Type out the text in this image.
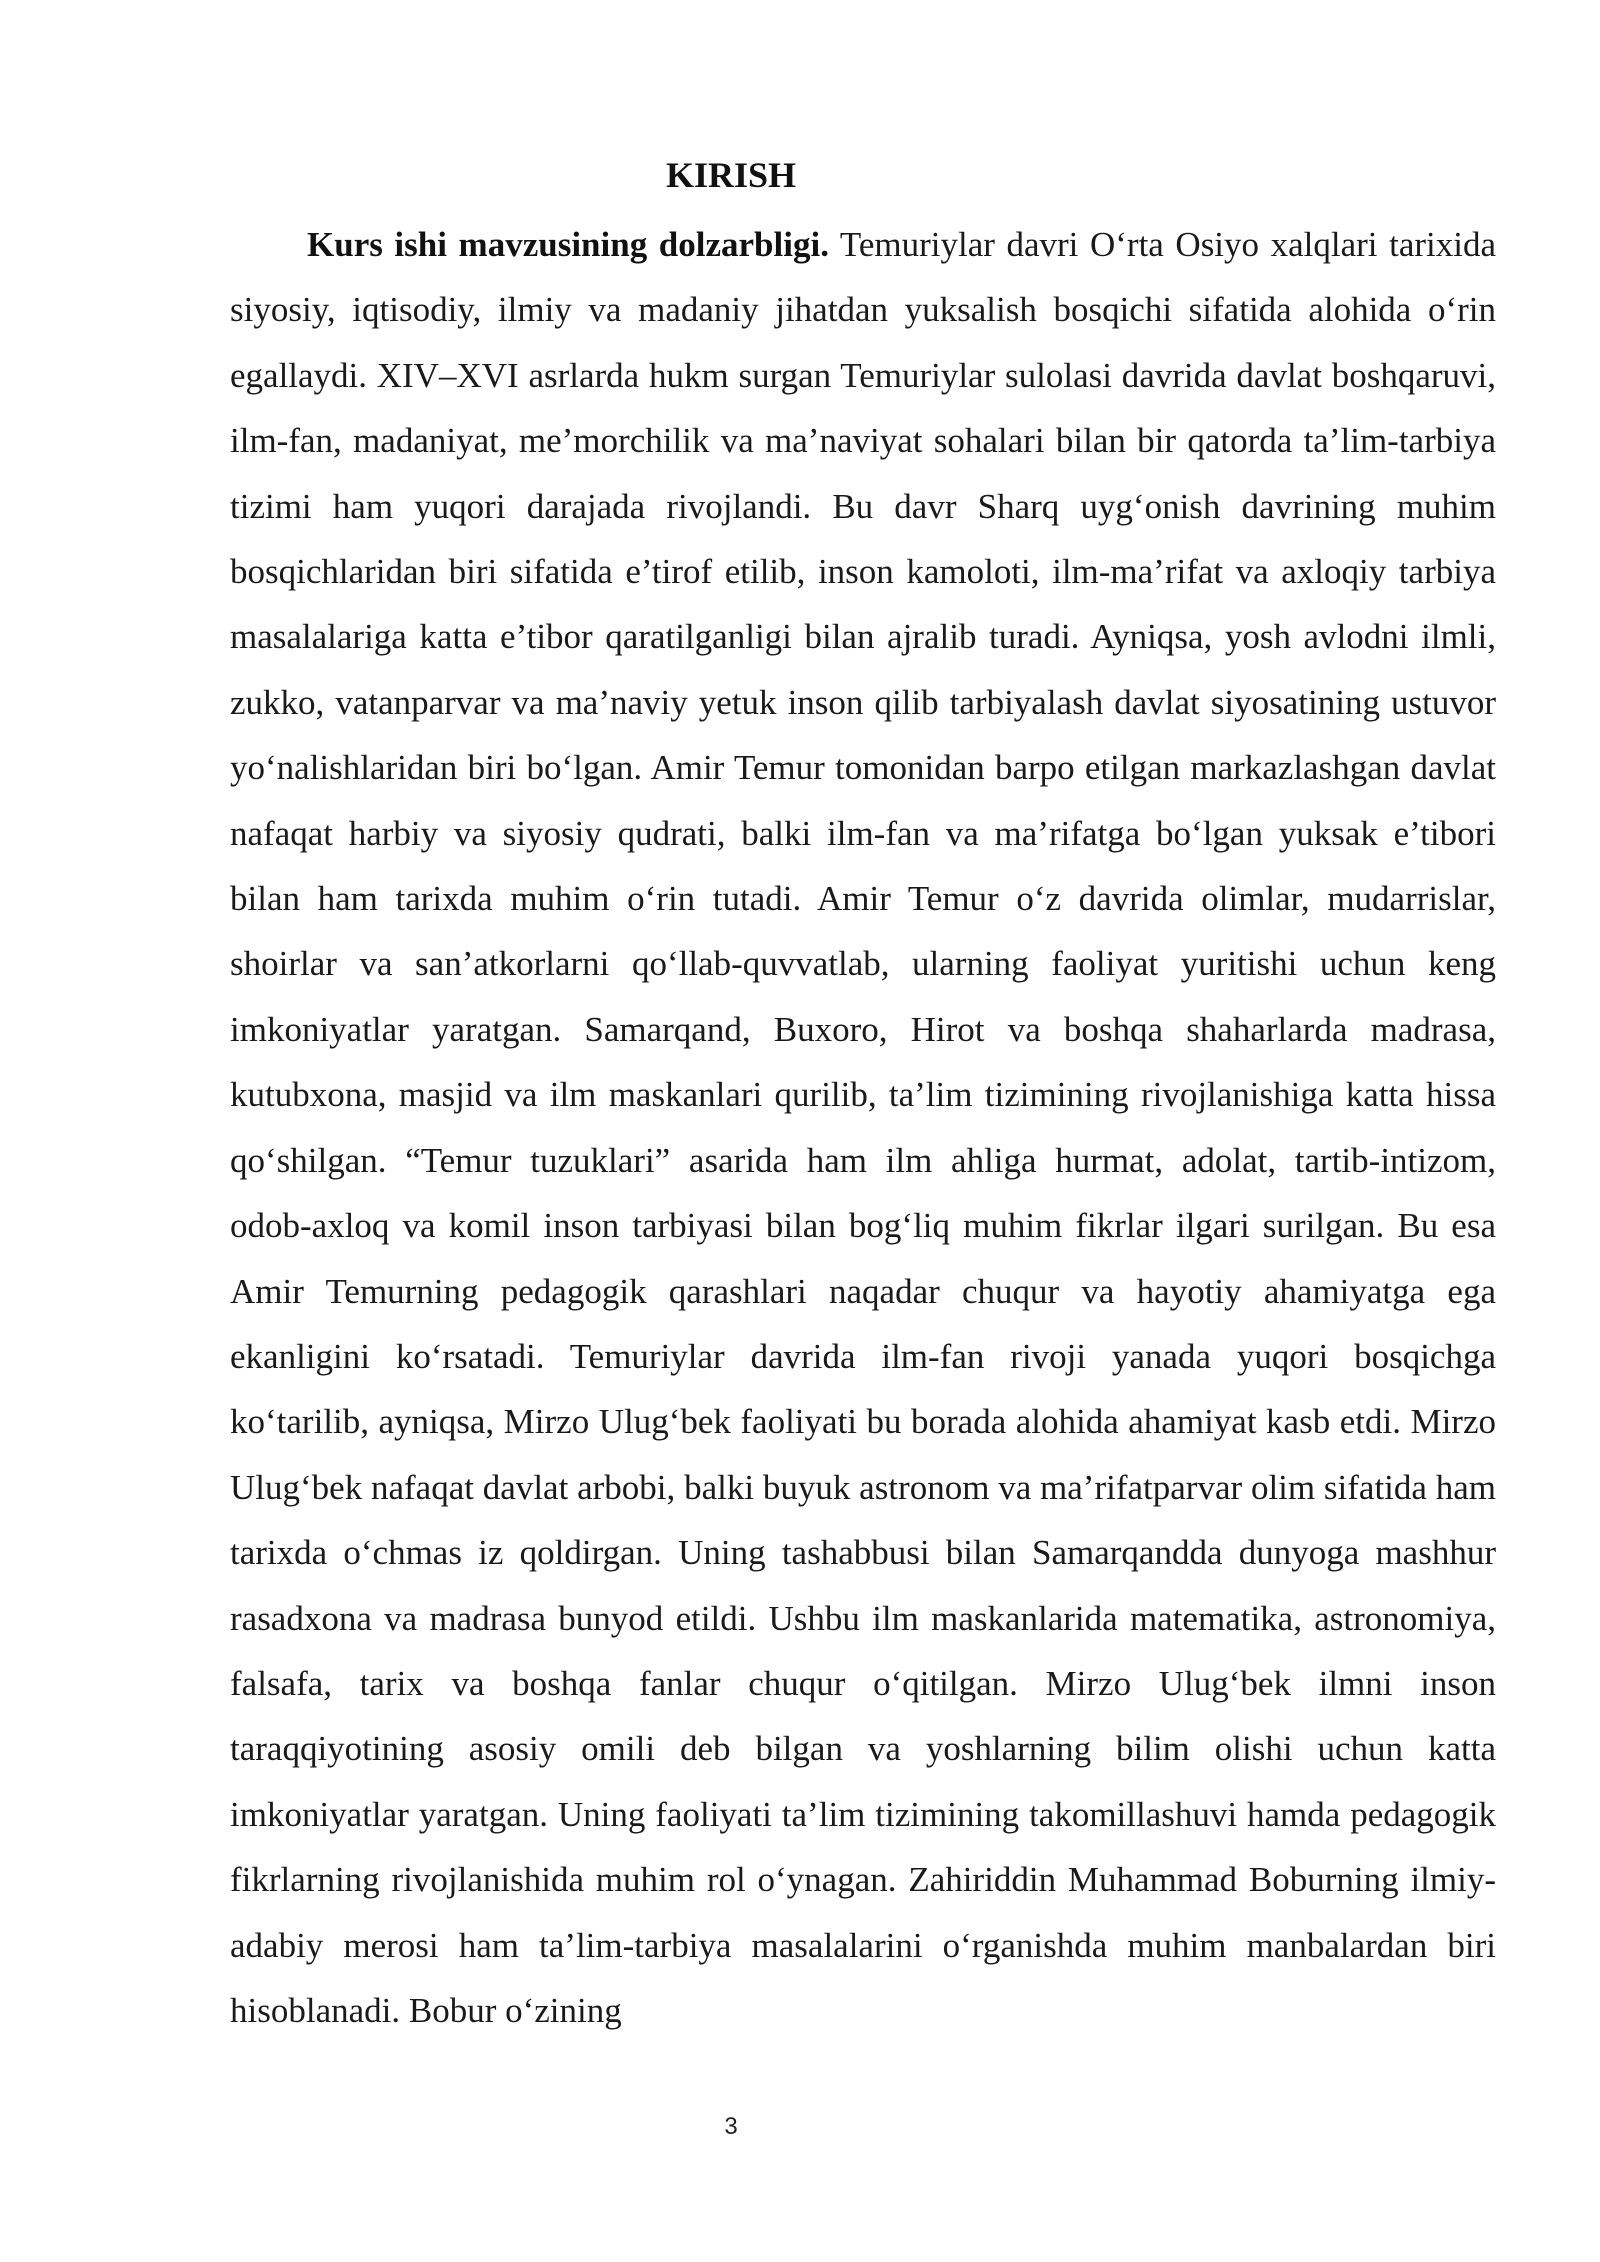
KIRISH

Kurs ishi mavzusining dolzarbligi. Temuriylar davri O‘rta Osiyo xalqlari tarixida siyosiy, iqtisodiy, ilmiy va madaniy jihatdan yuksalish bosqichi sifatida alohida o‘rin egallaydi. XIV–XVI asrlarda hukm surgan Temuriylar sulolasi davrida davlat boshqaruvi, ilm-fan, madaniyat, me’morchilik va ma’naviyat sohalari bilan bir qatorda ta’lim-tarbiya tizimi ham yuqori darajada rivojlandi. Bu davr Sharq uyg‘onish davrining muhim bosqichlaridan biri sifatida e’tirof etilib, inson kamoloti, ilm-ma’rifat va axloqiy tarbiya masalalariga katta e’tibor qaratilganligi bilan ajralib turadi. Ayniqsa, yosh avlodni ilmli, zukko, vatanparvar va ma’naviy yetuk inson qilib tarbiyalash davlat siyosatining ustuvor yo‘nalishlaridan biri bo‘lgan. Amir Temur tomonidan barpo etilgan markazlashgan davlat nafaqat harbiy va siyosiy qudrati, balki ilm-fan va ma’rifatga bo‘lgan yuksak e’tibori bilan ham tarixda muhim o‘rin tutadi. Amir Temur o‘z davrida olimlar, mudarrislar, shoirlar va san’atkorlarni qo‘llab-quvvatlab, ularning faoliyat yuritishi uchun keng imkoniyatlar yaratgan. Samarqand, Buxoro, Hirot va boshqa shaharlarda madrasa, kutubxona, masjid va ilm maskanlari qurilib, ta’lim tizimining rivojlanishiga katta hissa qo‘shilgan. “Temur tuzuklari” asarida ham ilm ahliga hurmat, adolat, tartib-intizom, odob-axloq va komil inson tarbiyasi bilan bog‘liq muhim fikrlar ilgari surilgan. Bu esa Amir Temurning pedagogik qarashlari naqadar chuqur va hayotiy ahamiyatga ega ekanligini ko‘rsatadi. Temuriylar davrida ilm-fan rivoji yanada yuqori bosqichga ko‘tarilib, ayniqsa, Mirzo Ulug‘bek faoliyati bu borada alohida ahamiyat kasb etdi. Mirzo Ulug‘bek nafaqat davlat arbobi, balki buyuk astronom va ma’rifatparvar olim sifatida ham tarixda o‘chmas iz qoldirgan. Uning tashabbusi bilan Samarqandda dunyoga mashhur rasadxona va madrasa bunyod etildi. Ushbu ilm maskanlarida matematika, astronomiya, falsafa, tarix va boshqa fanlar chuqur o‘qitilgan. Mirzo Ulug‘bek ilmni inson taraqqiyotining asosiy omili deb bilgan va yoshlarning bilim olishi uchun katta imkoniyatlar yaratgan. Uning faoliyati ta’lim tizimining takomillashuvi hamda pedagogik fikrlarning rivojlanishida muhim rol o‘ynagan. Zahiriddin Muhammad Boburning ilmiy-adabiy merosi ham ta’lim-tarbiya masalalarini o‘rganishda muhim manbalardan biri hisoblanadi. Bobur o‘zining

3
